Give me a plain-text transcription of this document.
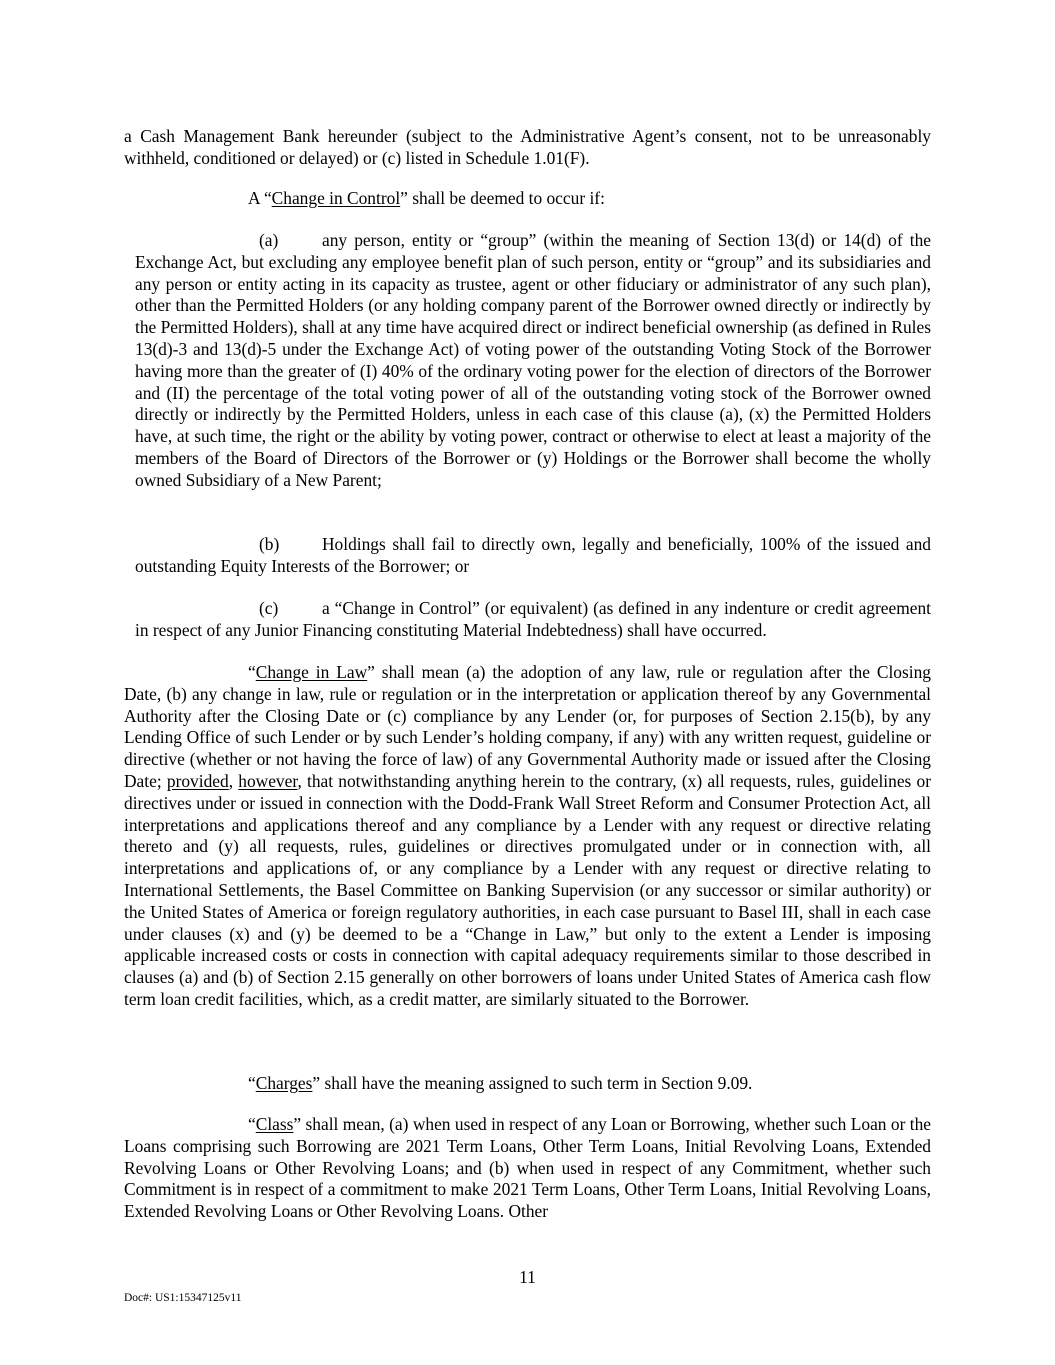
a Cash Management Bank hereunder (subject to the Administrative Agent’s consent, not to be unreasonably withheld, conditioned or delayed) or (c) listed in Schedule 1.01(F).

A “Change in Control” shall be deemed to occur if:

(a)	any person, entity or “group” (within the meaning of Section 13(d) or 14(d) of the Exchange Act, but excluding any employee benefit plan of such person, entity or “group” and its subsidiaries and any person or entity acting in its capacity as trustee, agent or other fiduciary or administrator of any such plan), other than the Permitted Holders (or any holding company parent of the Borrower owned directly or indirectly by the Permitted Holders), shall at any time have acquired direct or indirect beneficial ownership (as defined in Rules 13(d)-3 and 13(d)-5 under the Exchange Act) of voting power of the outstanding Voting Stock of the Borrower having more than the greater of (I) 40% of the ordinary voting power for the election of directors of the Borrower and (II) the percentage of the total voting power of all of the outstanding voting stock of the Borrower owned directly or indirectly by the Permitted Holders, unless in each case of this clause (a), (x) the Permitted Holders have, at such time, the right or the ability by voting power, contract or otherwise to elect at least a majority of the members of the Board of Directors of the Borrower or (y) Holdings or the Borrower shall become the wholly owned Subsidiary of a New Parent;

(b) Holdings shall fail to directly own, legally and beneficially, 100% of the issued and outstanding Equity Interests of the Borrower; or

(c)	a “Change in Control” (or equivalent) (as defined in any indenture or credit agreement in respect of any Junior Financing constituting Material Indebtedness) shall have occurred.

“Change in Law” shall mean (a) the adoption of any law, rule or regulation after the Closing Date, (b) any change in law, rule or regulation or in the interpretation or application thereof by any Governmental Authority after the Closing Date or (c) compliance by any Lender (or, for purposes of Section 2.15(b), by any Lending Office of such Lender or by such Lender’s holding company, if any) with any written request, guideline or directive (whether or not having the force of law) of any Governmental Authority made or issued after the Closing Date; provided, however, that notwithstanding anything herein to the contrary, (x) all requests, rules, guidelines or directives under or issued in connection with the Dodd-Frank Wall Street Reform and Consumer Protection Act, all interpretations and applications thereof and any compliance by a Lender with any request or directive relating thereto and (y) all requests, rules, guidelines or directives promulgated under or in connection with, all interpretations and applications of, or any compliance by a Lender with any request or directive relating to International Settlements, the Basel Committee on Banking Supervision (or any successor or similar authority) or the United States of America or foreign regulatory authorities, in each case pursuant to Basel III, shall in each case under clauses (x) and (y) be deemed to be a “Change in Law,” but only to the extent a Lender is imposing applicable increased costs or costs in connection with capital adequacy requirements similar to those described in clauses (a) and (b) of Section 2.15 generally on other borrowers of loans under United States of America cash flow term loan credit facilities, which, as a credit matter, are similarly situated to the Borrower.

“Charges” shall have the meaning assigned to such term in Section 9.09.

“Class” shall mean, (a) when used in respect of any Loan or Borrowing, whether such Loan or the Loans comprising such Borrowing are 2021 Term Loans, Other Term Loans, Initial Revolving Loans, Extended Revolving Loans or Other Revolving Loans; and (b) when used in respect of any Commitment, whether such Commitment is in respect of a commitment to make 2021 Term Loans, Other Term Loans, Initial Revolving Loans, Extended Revolving Loans or Other Revolving Loans. Other

11
Doc#: US1:15347125v11
